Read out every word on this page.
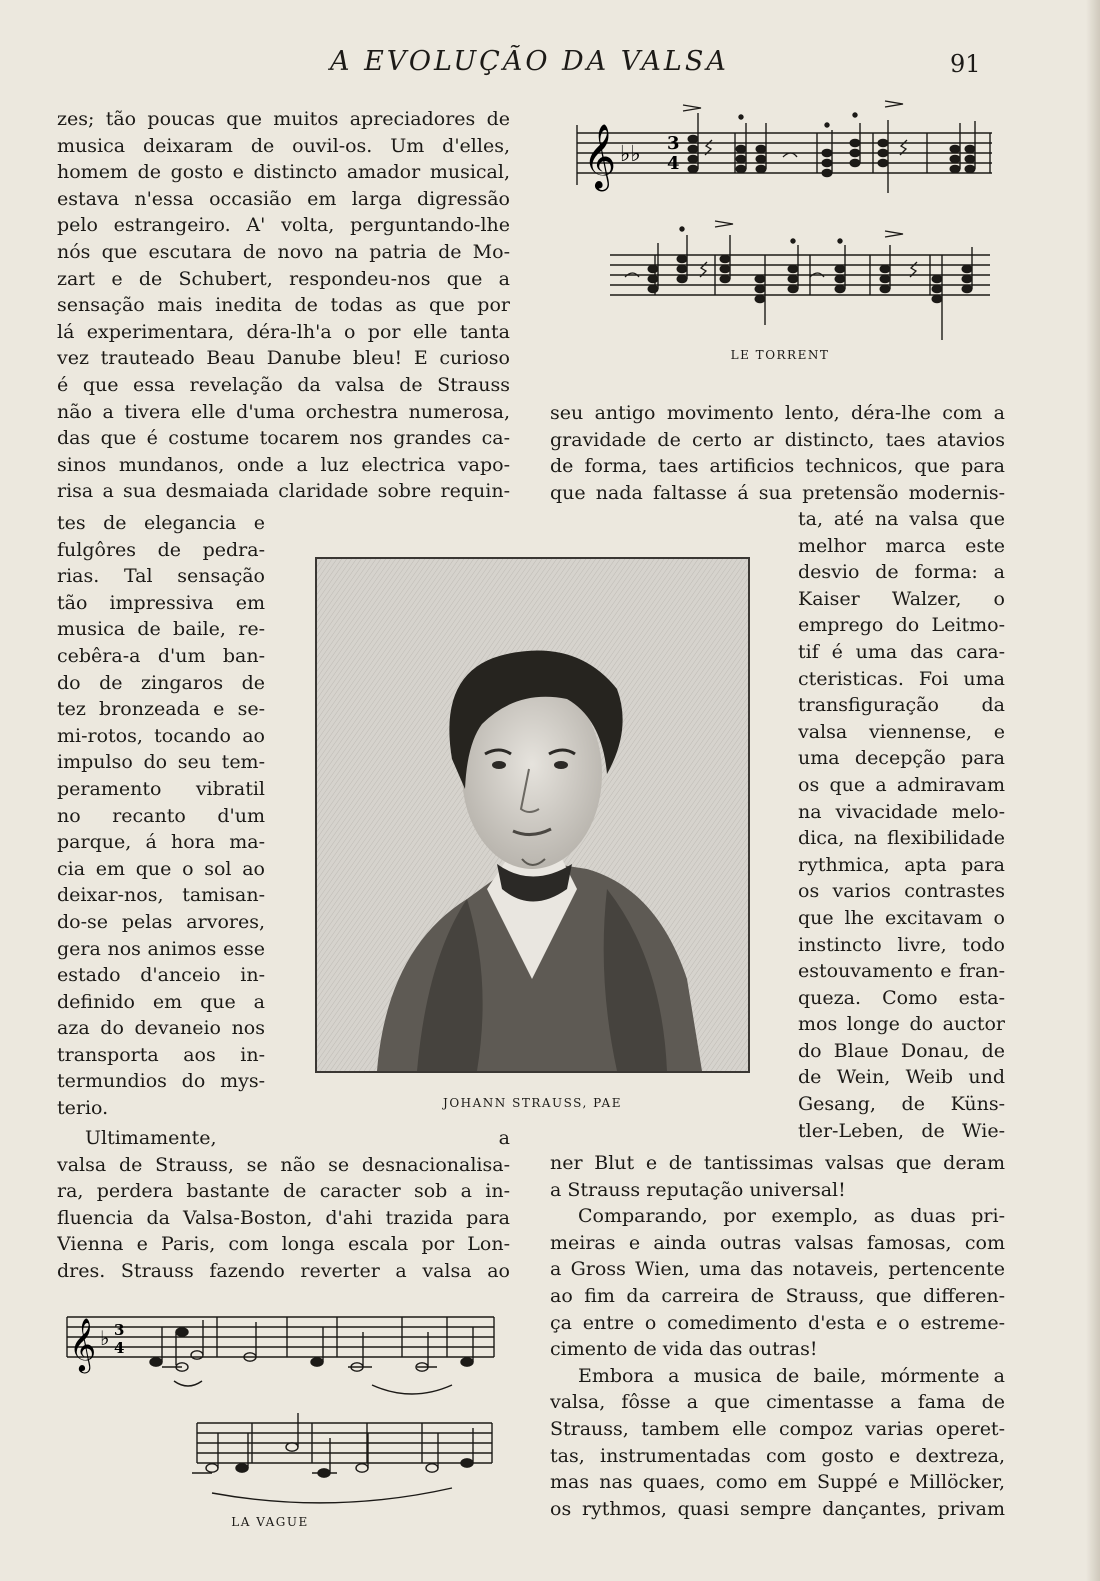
A EVOLUÇÃO DA VALSA	91
zes; tão poucas que muitos apreciadores de
musica deixaram de ouvil-os. Um d'elles,
homem de gosto e distincto amador musical,
estava n'essa occasião em larga digressão
pelo estrangeiro. A' volta, perguntando-lhe
nós que escutara de novo na patria de Mo-
zart e de Schubert, respondeu-nos que a
sensação mais inedita de todas as que por
lá experimentara, déra-lh'a o por elle tanta
vez trauteado Beau Danube bleu! E curioso
é que essa revelação da valsa de Strauss
não a tivera elle d'uma orchestra numerosa,
das que é costume tocarem nos grandes ca-
sinos mundanos, onde a luz electrica vapo-
risa a sua desmaiada claridade sobre requin-
tes de elegancia e
fulgôres de pedra-
rias. Tal sensação
tão impressiva em
musica de baile, re-
cebêra-a d'um ban-
do de zingaros de
tez bronzeada e se-
mi-rotos, tocando ao
impulso do seu tem-
peramento vibratil
no recanto d'um
parque, á hora ma-
cia em que o sol ao
deixar-nos, tamisan-
do-se pelas arvores,
gera nos animos esse
estado d'anceio in-
definido em que a
aza do devaneio nos
transporta aos in-
termundios do mys-
terio.
Ultimamente, a
valsa de Strauss, se não se desnacionalisa-
ra, perdera bastante de caracter sob a in-
fluencia da Valsa-Boston, d'ahi trazida para
Vienna e Paris, com longa escala por Lon-
dres. Strauss fazendo reverter a valsa ao
seu antigo movimento lento, déra-lhe com a
gravidade de certo ar distincto, taes atavios
de forma, taes artificios technicos, que para
que nada faltasse á sua pretensão modernis-
ta, até na valsa que
melhor marca este
desvio de forma: a
Kaiser Walzer, o
emprego do Leitmo-
tif é uma das cara-
cteristicas. Foi uma
transfiguração da
valsa viennense, e
uma decepção para
os que a admiravam
na vivacidade melo-
dica, na flexibilidade
rythmica, apta para
os varios contrastes
que lhe excitavam o
instincto livre, todo
estouvamento e fran-
queza. Como esta-
mos longe do auctor
do Blaue Donau, de
de Wein, Weib und
Gesang, de Küns-
tler-Leben, de Wie-
ner Blut e de tantissimas valsas que deram
a Strauss reputação universal!
Comparando, por exemplo, as duas pri-
meiras e ainda outras valsas famosas, com
a Gross Wien, uma das notaveis, pertencente
ao fim da carreira de Strauss, que differen-
ça entre o comedimento d'esta e o estreme-
cimento de vida das outras!
Embora a musica de baile, mórmente a
valsa, fôsse a que cimentasse a fama de
Strauss, tambem elle compoz varias operet-
tas, instrumentadas com gosto e dextreza,
mas nas quaes, como em Suppé e Millöcker,
os rythmos, quasi sempre dançantes, privam
𝄞 ♭♭ 3
4
LE TORRENT
JOHANN STRAUSS, PAE
𝄞 ♭ 3
4
LA VAGUE
